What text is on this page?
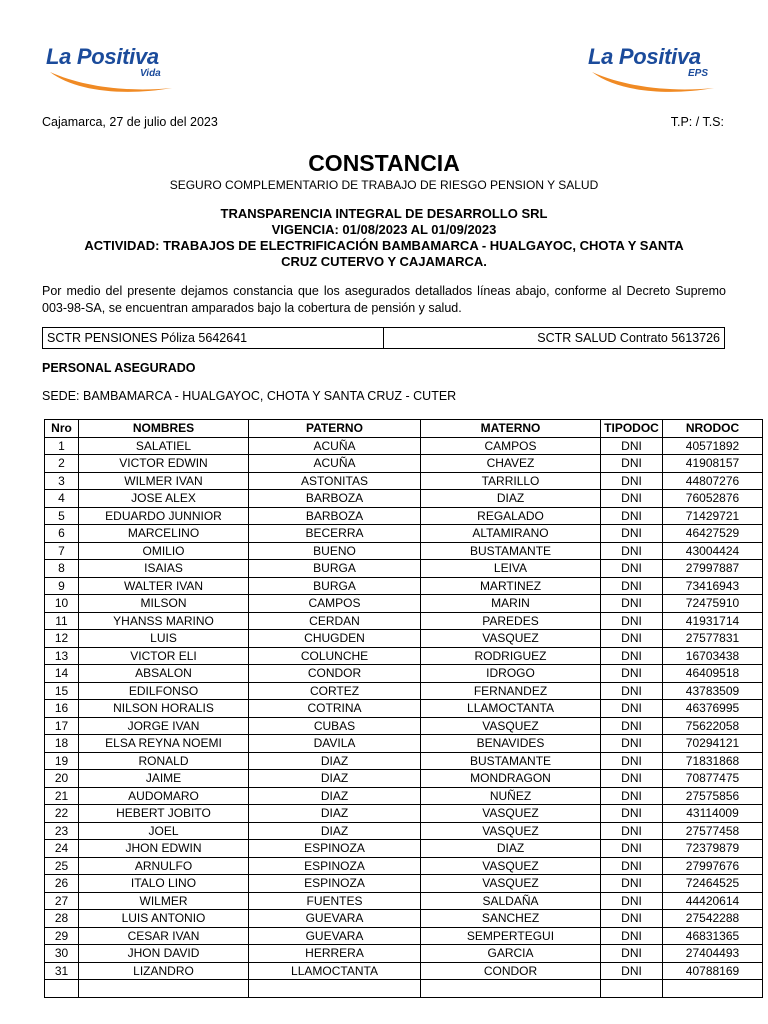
La Positiva
Vida
La Positiva
EPS
Cajamarca, 27 de julio del 2023	T.P: / T.S:
CONSTANCIA
SEGURO COMPLEMENTARIO DE TRABAJO DE RIESGO PENSION Y SALUD
TRANSPARENCIA INTEGRAL DE DESARROLLO SRL
VIGENCIA: 01/08/2023 AL 01/09/2023
ACTIVIDAD: TRABAJOS DE ELECTRIFICACIÓN BAMBAMARCA - HUALGAYOC, CHOTA Y SANTA
CRUZ CUTERVO Y CAJAMARCA.
Por medio del presente dejamos constancia que los asegurados detallados líneas abajo, conforme al Decreto Supremo 003-98-SA, se encuentran amparados bajo la cobertura de pensión y salud.
SCTR PENSIONES Póliza 5642641	SCTR SALUD Contrato 5613726
PERSONAL ASEGURADO
SEDE: BAMBAMARCA - HUALGAYOC, CHOTA Y SANTA CRUZ - CUTER
Nro	NOMBRES	PATERNO	MATERNO	TIPODOC	NRODOC
1	SALATIEL	ACUÑA	CAMPOS	DNI	40571892
2	VICTOR EDWIN	ACUÑA	CHAVEZ	DNI	41908157
3	WILMER IVAN	ASTONITAS	TARRILLO	DNI	44807276
4	JOSE ALEX	BARBOZA	DIAZ	DNI	76052876
5	EDUARDO JUNNIOR	BARBOZA	REGALADO	DNI	71429721
6	MARCELINO	BECERRA	ALTAMIRANO	DNI	46427529
7	OMILIO	BUENO	BUSTAMANTE	DNI	43004424
8	ISAIAS	BURGA	LEIVA	DNI	27997887
9	WALTER IVAN	BURGA	MARTINEZ	DNI	73416943
10	MILSON	CAMPOS	MARIN	DNI	72475910
11	YHANSS MARINO	CERDAN	PAREDES	DNI	41931714
12	LUIS	CHUGDEN	VASQUEZ	DNI	27577831
13	VICTOR ELI	COLUNCHE	RODRIGUEZ	DNI	16703438
14	ABSALON	CONDOR	IDROGO	DNI	46409518
15	EDILFONSO	CORTEZ	FERNANDEZ	DNI	43783509
16	NILSON HORALIS	COTRINA	LLAMOCTANTA	DNI	46376995
17	JORGE IVAN	CUBAS	VASQUEZ	DNI	75622058
18	ELSA REYNA NOEMI	DAVILA	BENAVIDES	DNI	70294121
19	RONALD	DIAZ	BUSTAMANTE	DNI	71831868
20	JAIME	DIAZ	MONDRAGON	DNI	70877475
21	AUDOMARO	DIAZ	NUÑEZ	DNI	27575856
22	HEBERT JOBITO	DIAZ	VASQUEZ	DNI	43114009
23	JOEL	DIAZ	VASQUEZ	DNI	27577458
24	JHON EDWIN	ESPINOZA	DIAZ	DNI	72379879
25	ARNULFO	ESPINOZA	VASQUEZ	DNI	27997676
26	ITALO LINO	ESPINOZA	VASQUEZ	DNI	72464525
27	WILMER	FUENTES	SALDAÑA	DNI	44420614
28	LUIS ANTONIO	GUEVARA	SANCHEZ	DNI	27542288
29	CESAR IVAN	GUEVARA	SEMPERTEGUI	DNI	46831365
30	JHON DAVID	HERRERA	GARCIA	DNI	27404493
31	LIZANDRO	LLAMOCTANTA	CONDOR	DNI	40788169
